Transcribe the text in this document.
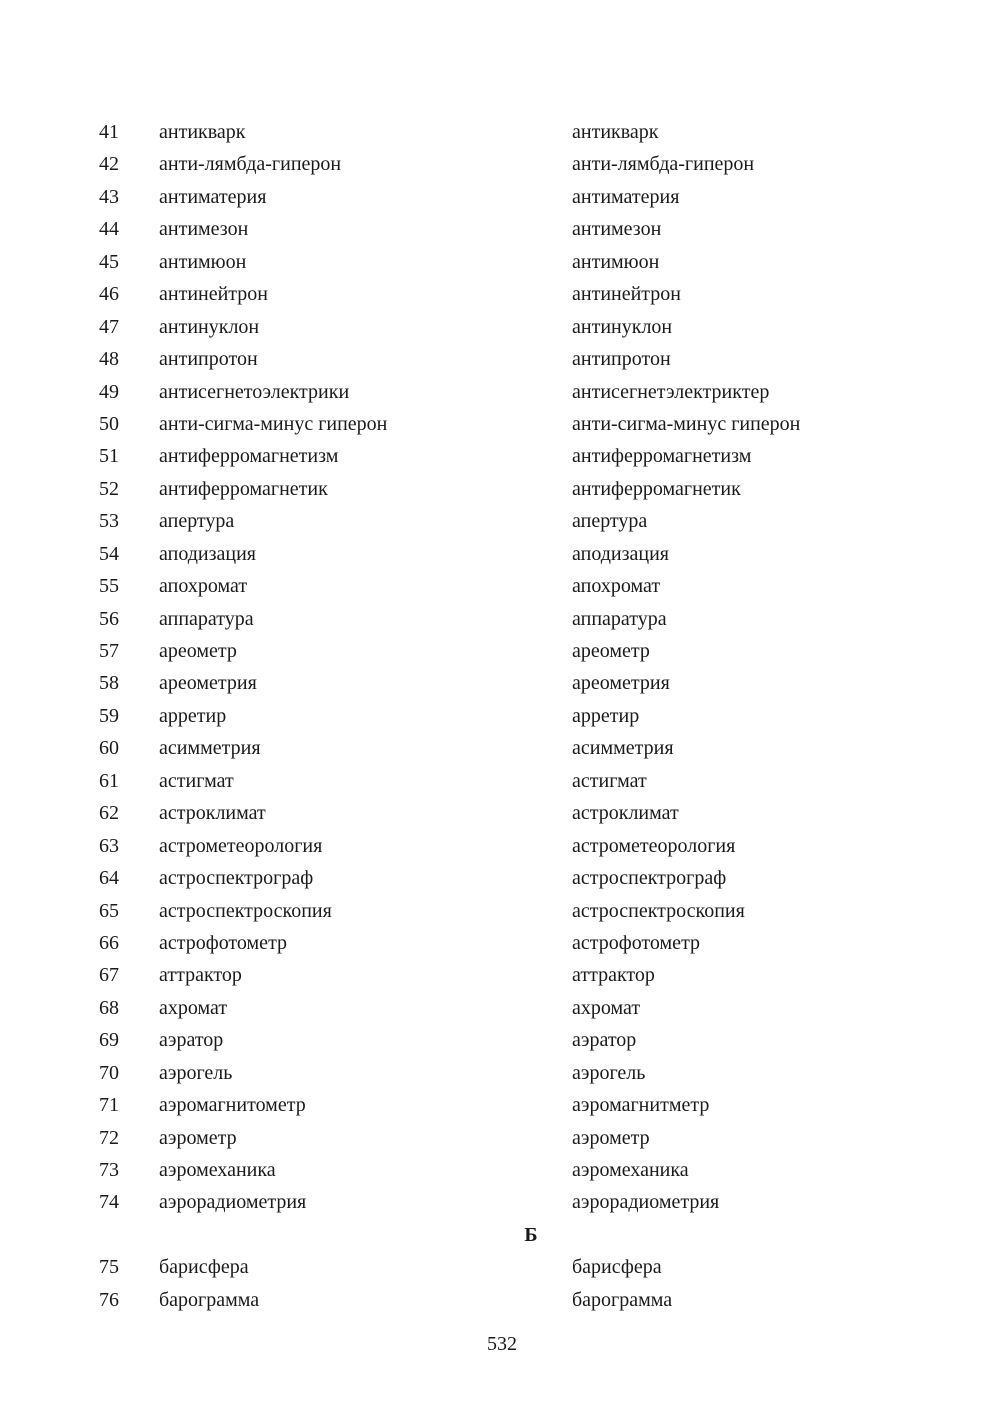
41 антикварк	антикварк
42 анти-лямбда-гиперон	анти-лямбда-гиперон
43 антиматерия	антиматерия
44 антимезон	антимезон
45 антимюон	антимюон
46 антинейтрон	антинейтрон
47 антинуклон	антинуклон
48 антипротон	антипротон
49 антисегнетоэлектрики	антисегнетэлектриктер
50 анти-сигма-минус гиперон	анти-сигма-минус гиперон
51 антиферромагнетизм	антиферромагнетизм
52 антиферромагнетик	антиферромагнетик
53 апертура	апертура
54 аподизация	аподизация
55 апохромат	апохромат
56 аппаратура	аппаратура
57 ареометр	ареометр
58 ареометрия	ареометрия
59 арретир	арретир
60 асимметрия	асимметрия
61 астигмат	астигмат
62 астроклимат	астроклимат
63 астрометеорология	астрометеорология
64 астроспектрограф	астроспектрограф
65 астроспектроскопия	астроспектроскопия
66 астрофотометр	астрофотометр
67 аттрактор	аттрактор
68 ахромат	ахромат
69 аэратор	аэратор
70 аэрогель	аэрогель
71 аэромагнитометр	аэромагнитметр
72 аэрометр	аэрометр
73 аэромеханика	аэромеханика
74 аэрорадиометрия	аэрорадиометрия
Б
75 барисфера	барисфера
76 барограмма	барограмма
532
